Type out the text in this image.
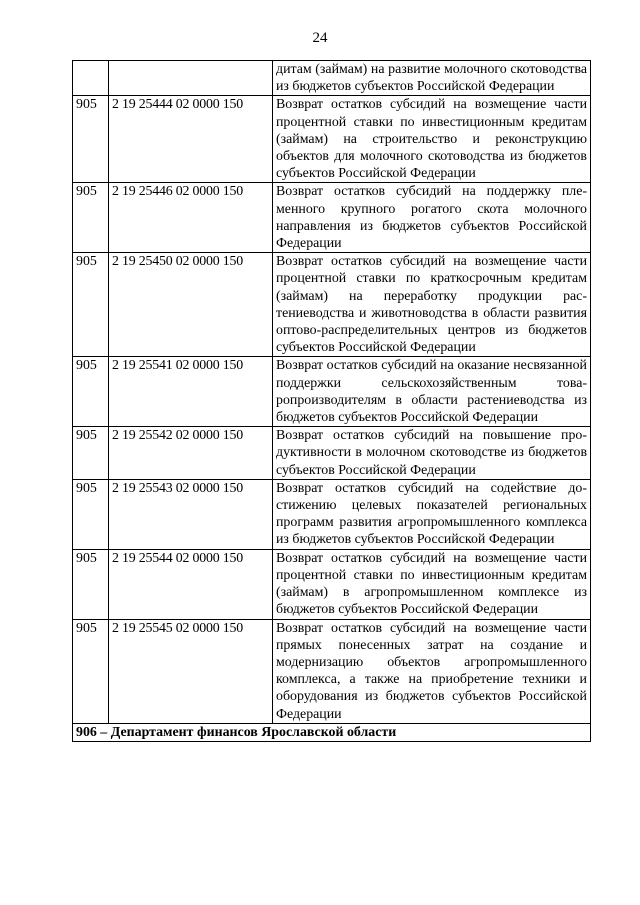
24
		дитам (займам) на развитие молочного скотоводства из бюджетов субъектов Российской Федерации
905	2 19 25444 02 0000 150	Возврат остатков субсидий на возмещение части процентной ставки по инвестиционным кредитам (займам) на строительство и реконструкцию объектов для молочного скотоводства из бюджетов субъектов Российской Федерации
905	2 19 25446 02 0000 150	Возврат остатков субсидий на поддержку племенного крупного рогатого скота молочного направления из бюджетов субъектов Российской Федерации
905	2 19 25450 02 0000 150	Возврат остатков субсидий на возмещение части процентной ставки по краткосрочным кредитам (займам) на переработку продукции растениеводства и животноводства в области развития оптово-распределительных центров из бюджетов субъектов Российской Федерации
905	2 19 25541 02 0000 150	Возврат остатков субсидий на оказание несвязанной поддержки сельскохозяйственным товаропроизводителям в области растениеводства из бюджетов субъектов Российской Федерации
905	2 19 25542 02 0000 150	Возврат остатков субсидий на повышение продуктивности в молочном скотоводстве из бюджетов субъектов Российской Федерации
905	2 19 25543 02 0000 150	Возврат остатков субсидий на содействие достижению целевых показателей региональных программ развития агропромышленного комплекса из бюджетов субъектов Российской Федерации
905	2 19 25544 02 0000 150	Возврат остатков субсидий на возмещение части процентной ставки по инвестиционным кредитам (займам) в агропромышленном комплексе из бюджетов субъектов Российской Федерации
905	2 19 25545 02 0000 150	Возврат остатков субсидий на возмещение части прямых понесенных затрат на создание и модернизацию объектов агропромышленного комплекса, а также на приобретение техники и оборудования из бюджетов субъектов Российской Федерации
906 – Департамент финансов Ярославской области		
